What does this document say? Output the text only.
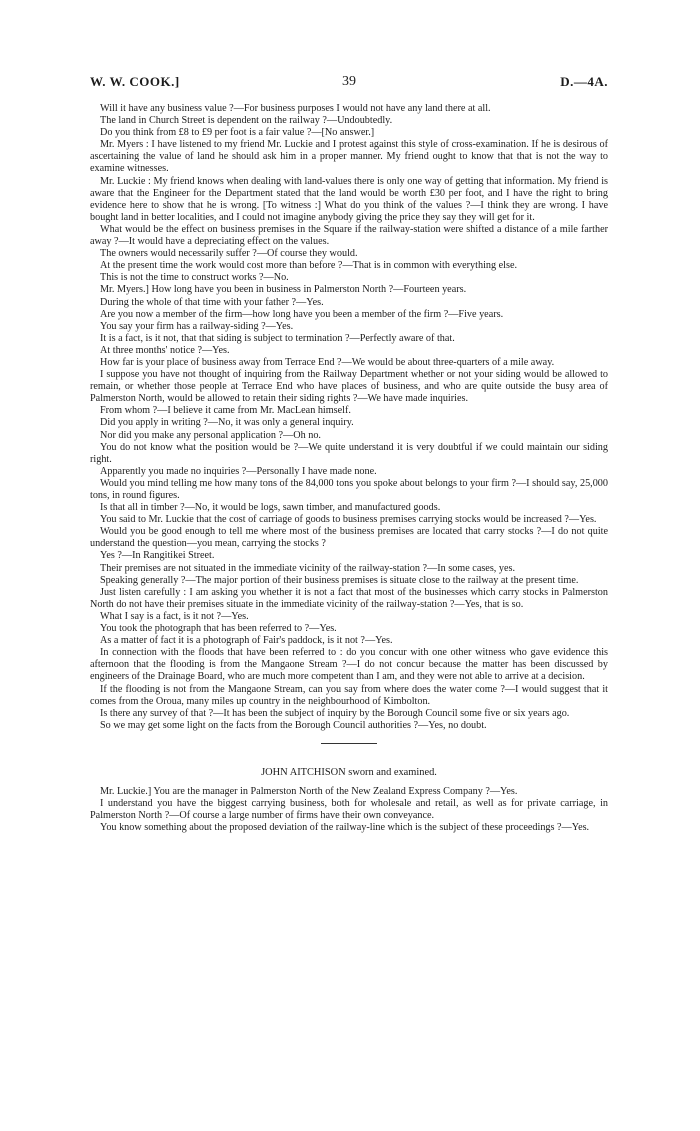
W. W. COOK.]	39	D.—4A.

Will it have any business value ?—For business purposes I would not have any land there at all.

The land in Church Street is dependent on the railway ?—Undoubtedly.

Do you think from £8 to £9 per foot is a fair value ?—[No answer.]

Mr. Myers : I have listened to my friend Mr. Luckie and I protest against this style of cross-examination. If he is desirous of ascertaining the value of land he should ask him in a proper manner. My friend ought to know that that is not the way to examine witnesses.

Mr. Luckie : My friend knows when dealing with land-values there is only one way of getting that information. My friend is aware that the Engineer for the Department stated that the land would be worth £30 per foot, and I have the right to bring evidence here to show that he is wrong. [To witness :] What do you think of the values ?—I think they are wrong. I have bought land in better localities, and I could not imagine anybody giving the price they say they will get for it.

What would be the effect on business premises in the Square if the railway-station were shifted a distance of a mile farther away ?—It would have a depreciating effect on the values.

The owners would necessarily suffer ?—Of course they would.

At the present time the work would cost more than before ?—That is in common with everything else.

This is not the time to construct works ?—No.

Mr. Myers.] How long have you been in business in Palmerston North ?—Fourteen years.

During the whole of that time with your father ?—Yes.

Are you now a member of the firm—how long have you been a member of the firm ?—Five years.

You say your firm has a railway-siding ?—Yes.

It is a fact, is it not, that that siding is subject to termination ?—Perfectly aware of that.

At three months' notice ?—Yes.

How far is your place of business away from Terrace End ?—We would be about three-quarters of a mile away.

I suppose you have not thought of inquiring from the Railway Department whether or not your siding would be allowed to remain, or whether those people at Terrace End who have places of business, and who are quite outside the busy area of Palmerston North, would be allowed to retain their siding rights ?—We have made inquiries.

From whom ?—I believe it came from Mr. MacLean himself.

Did you apply in writing ?—No, it was only a general inquiry.

Nor did you make any personal application ?—Oh no.

You do not know what the position would be ?—We quite understand it is very doubtful if we could maintain our siding right.

Apparently you made no inquiries ?—Personally I have made none.

Would you mind telling me how many tons of the 84,000 tons you spoke about belongs to your firm ?—I should say, 25,000 tons, in round figures.

Is that all in timber ?—No, it would be logs, sawn timber, and manufactured goods.

You said to Mr. Luckie that the cost of carriage of goods to business premises carrying stocks would be increased ?—Yes.

Would you be good enough to tell me where most of the business premises are located that carry stocks ?—I do not quite understand the question—you mean, carrying the stocks ?

Yes ?—In Rangitikei Street.

Their premises are not situated in the immediate vicinity of the railway-station ?—In some cases, yes.

Speaking generally ?—The major portion of their business premises is situate close to the railway at the present time.

Just listen carefully : I am asking you whether it is not a fact that most of the businesses which carry stocks in Palmerston North do not have their premises situate in the immediate vicinity of the railway-station ?—Yes, that is so.

What I say is a fact, is it not ?—Yes.

You took the photograph that has been referred to ?—Yes.

As a matter of fact it is a photograph of Fair's paddock, is it not ?—Yes.

In connection with the floods that have been referred to : do you concur with one other witness who gave evidence this afternoon that the flooding is from the Mangaone Stream ?—I do not concur because the matter has been discussed by engineers of the Drainage Board, who are much more competent than I am, and they were not able to arrive at a decision.

If the flooding is not from the Mangaone Stream, can you say from where does the water come ?—I would suggest that it comes from the Oroua, many miles up country in the neighbourhood of Kimbolton.

Is there any survey of that ?—It has been the subject of inquiry by the Borough Council some five or six years ago.

So we may get some light on the facts from the Borough Council authorities ?—Yes, no doubt.

JOHN AITCHISON sworn and examined.

Mr. Luckie.] You are the manager in Palmerston North of the New Zealand Express Company ?—Yes.

I understand you have the biggest carrying business, both for wholesale and retail, as well as for private carriage, in Palmerston North ?—Of course a large number of firms have their own conveyance.

You know something about the proposed deviation of the railway-line which is the subject of these proceedings ?—Yes.
